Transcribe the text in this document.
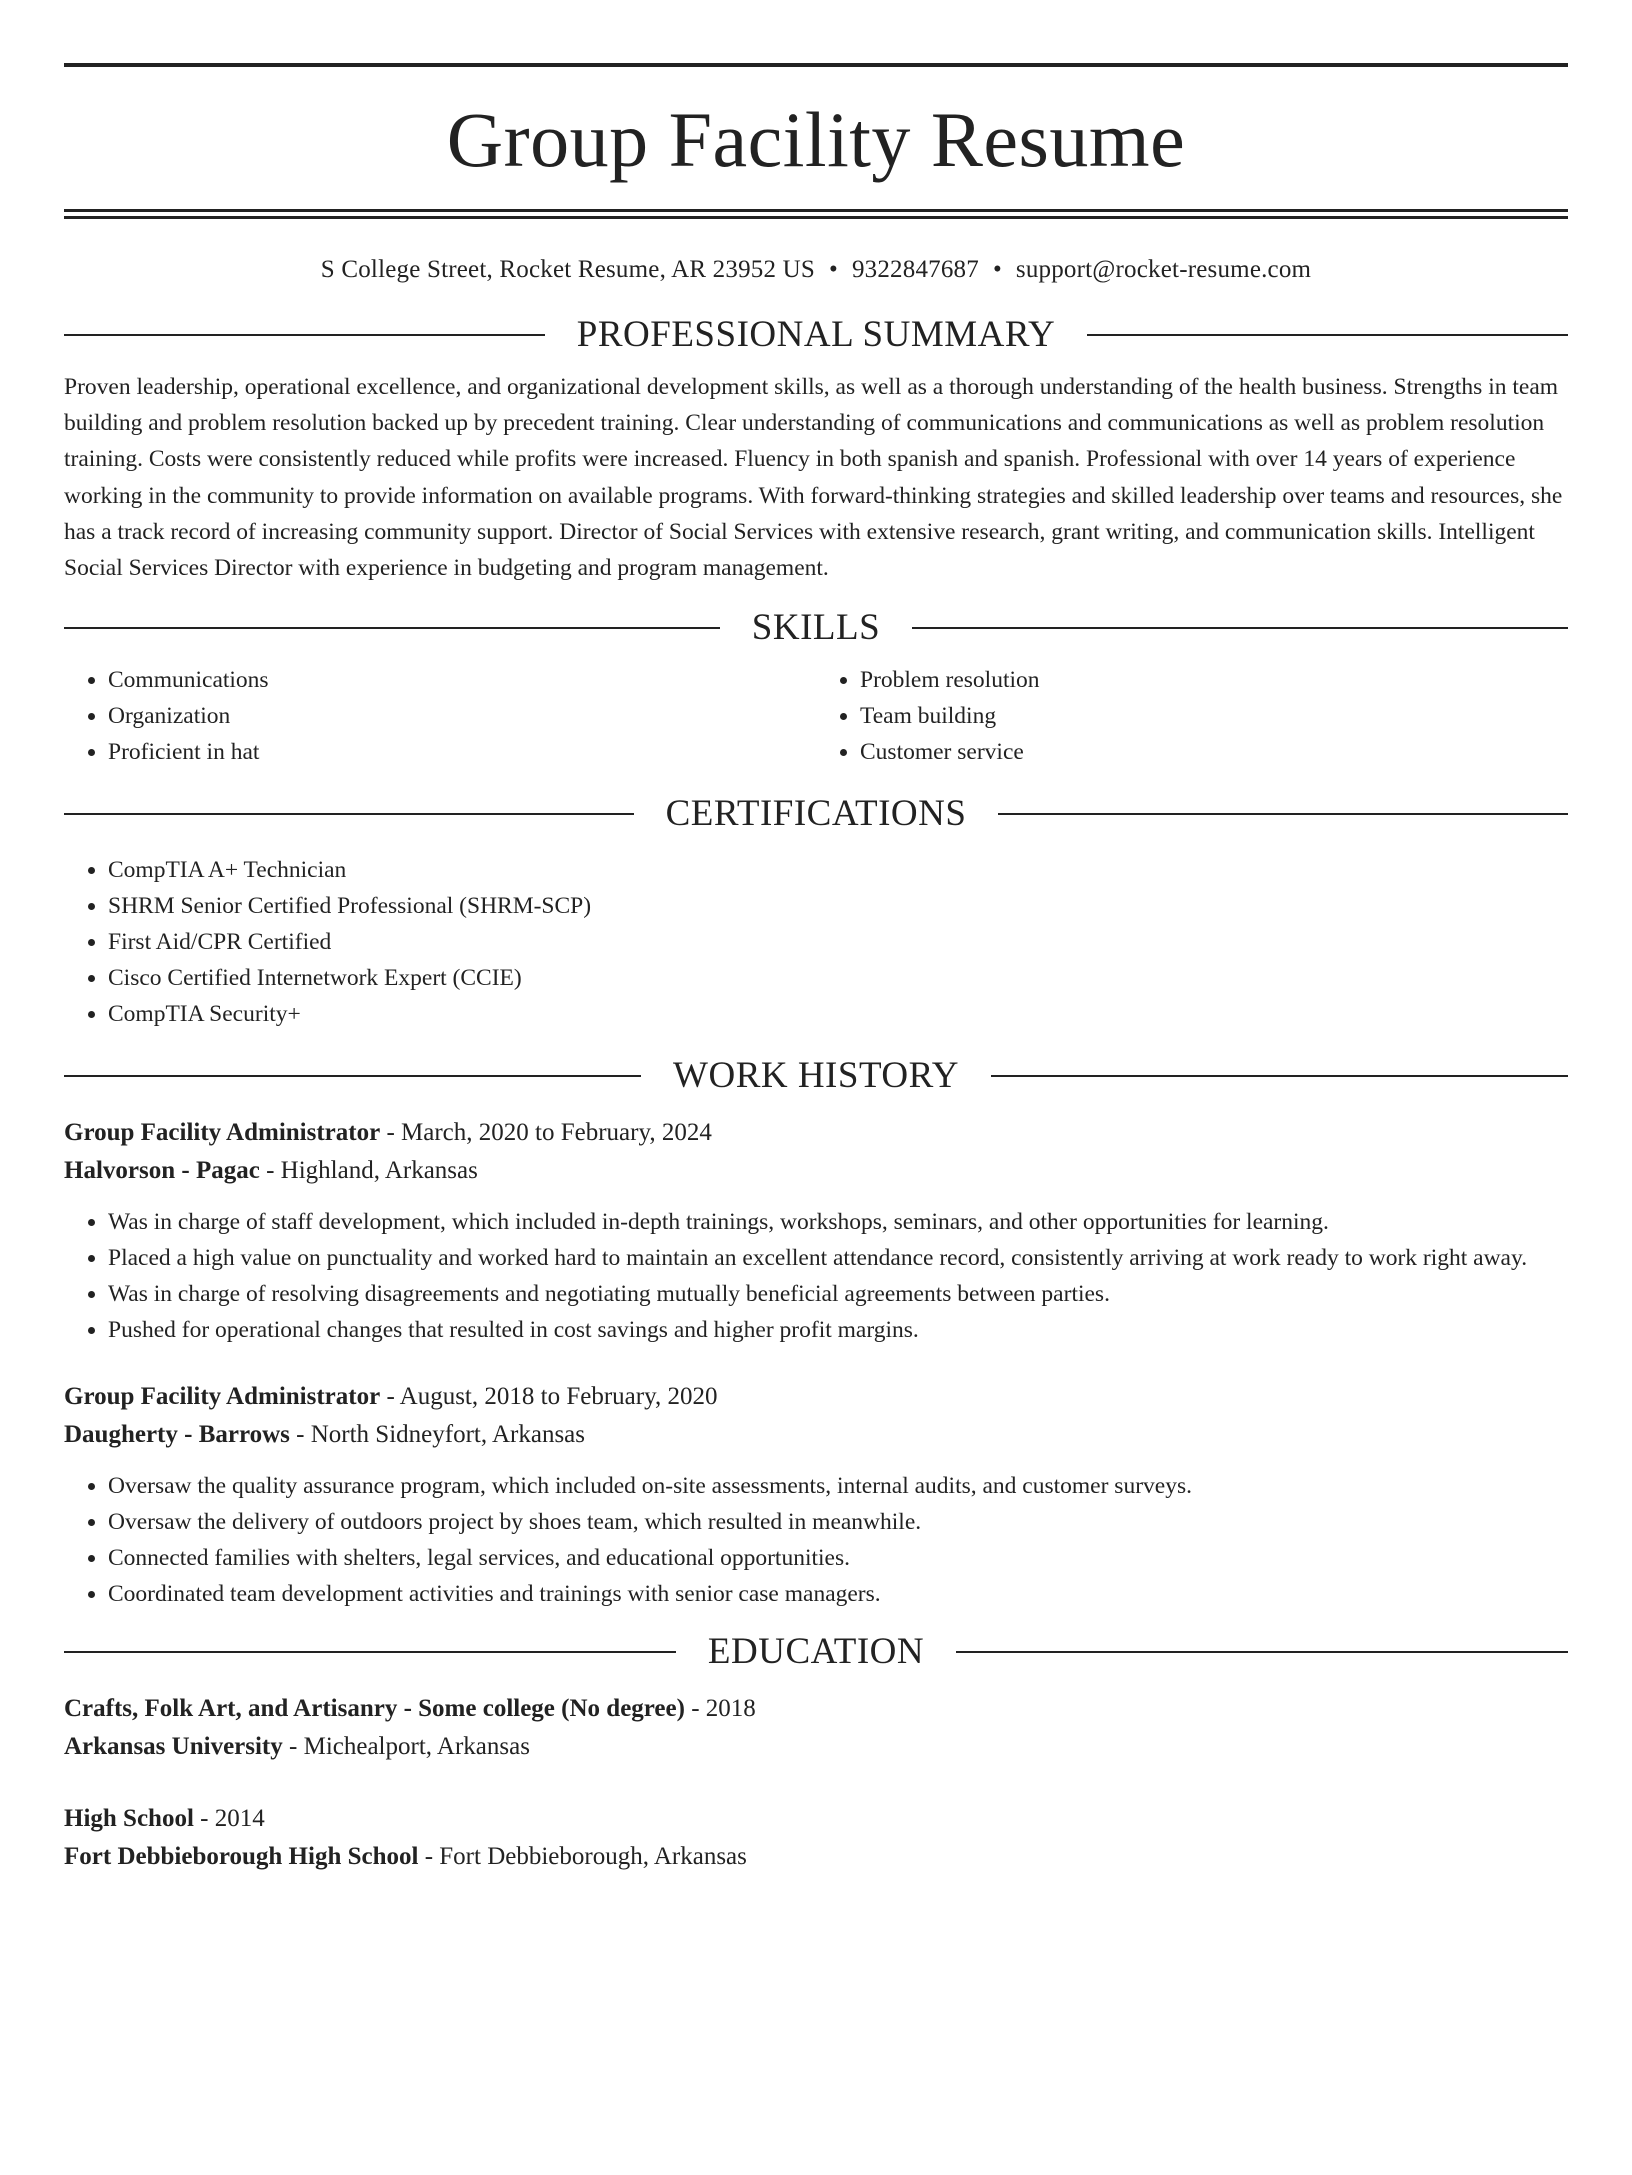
Group Facility Resume
S College Street, Rocket Resume, AR 23952 US • 9322847687 • support@rocket-resume.com
PROFESSIONAL SUMMARY
Proven leadership, operational excellence, and organizational development skills, as well as a thorough understanding of the health business. Strengths in team building and problem resolution backed up by precedent training. Clear understanding of communications and communications as well as problem resolution training. Costs were consistently reduced while profits were increased. Fluency in both spanish and spanish. Professional with over 14 years of experience working in the community to provide information on available programs. With forward-thinking strategies and skilled leadership over teams and resources, she has a track record of increasing community support. Director of Social Services with extensive research, grant writing, and communication skills. Intelligent Social Services Director with experience in budgeting and program management.
SKILLS
• Communications
• Organization
• Proficient in hat
• Problem resolution
• Team building
• Customer service
CERTIFICATIONS
• CompTIA A+ Technician
• SHRM Senior Certified Professional (SHRM-SCP)
• First Aid/CPR Certified
• Cisco Certified Internetwork Expert (CCIE)
• CompTIA Security+
WORK HISTORY
Group Facility Administrator - March, 2020 to February, 2024
Halvorson - Pagac - Highland, Arkansas
• Was in charge of staff development, which included in-depth trainings, workshops, seminars, and other opportunities for learning.
• Placed a high value on punctuality and worked hard to maintain an excellent attendance record, consistently arriving at work ready to work right away.
• Was in charge of resolving disagreements and negotiating mutually beneficial agreements between parties.
• Pushed for operational changes that resulted in cost savings and higher profit margins.
Group Facility Administrator - August, 2018 to February, 2020
Daugherty - Barrows - North Sidneyfort, Arkansas
• Oversaw the quality assurance program, which included on-site assessments, internal audits, and customer surveys.
• Oversaw the delivery of outdoors project by shoes team, which resulted in meanwhile.
• Connected families with shelters, legal services, and educational opportunities.
• Coordinated team development activities and trainings with senior case managers.
EDUCATION
Crafts, Folk Art, and Artisanry - Some college (No degree) - 2018
Arkansas University - Michealport, Arkansas
High School - 2014
Fort Debbieborough High School - Fort Debbieborough, Arkansas
